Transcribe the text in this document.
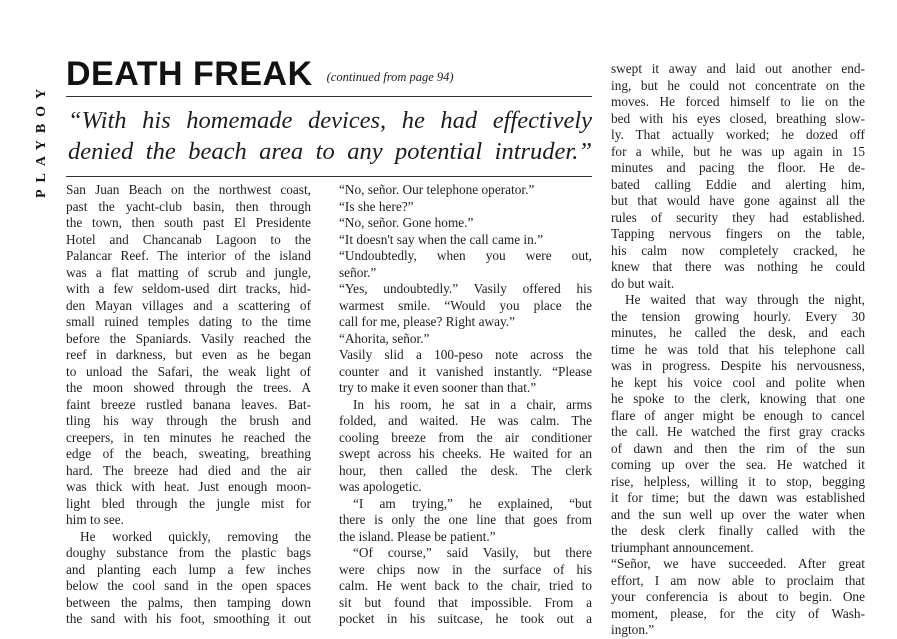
PLAYBOY
DEATH FREAK $^{(continued from page 94)}$
“With his homemade devices, he had effectively denied the beach area to any potential intruder.”
San Juan Beach on the northwest coast,
past the yacht-club basin, then through
the town, then south past El Presidente
Hotel and Chancanab Lagoon to the
Palancar Reef. The interior of the island
was a flat matting of scrub and jungle,
with a few seldom-used dirt tracks, hid-
den Mayan villages and a scattering of
small ruined temples dating to the time
before the Spaniards. Vasily reached the
reef in darkness, but even as he began
to unload the Safari, the weak light of
the moon showed through the trees. A
faint breeze rustled banana leaves. Bat-
tling his way through the brush and
creepers, in ten minutes he reached the
edge of the beach, sweating, breathing
hard. The breeze had died and the air
was thick with heat. Just enough moon-
light bled through the jungle mist for
him to see.
He worked quickly, removing the
doughy substance from the plastic bags
and planting each lump a few inches
below the cool sand in the open spaces
between the palms, then tamping down
the sand with his foot, smoothing it out
“No, señor. Our telephone operator.”
“Is she here?”
“No, señor. Gone home.”
“It doesn't say when the call came in.”
“Undoubtedly, when you were out,
señor.”
“Yes, undoubtedly.” Vasily offered his
warmest smile. “Would you place the
call for me, please? Right away.”
“Ahorita, señor.”
Vasily slid a 100-peso note across the
counter and it vanished instantly. “Please
try to make it even sooner than that.”
In his room, he sat in a chair, arms
folded, and waited. He was calm. The
cooling breeze from the air conditioner
swept across his cheeks. He waited for an
hour, then called the desk. The clerk
was apologetic.
“I am trying,” he explained, “but
there is only the one line that goes from
the island. Please be patient.”
“Of course,” said Vasily, but there
were chips now in the surface of his
calm. He went back to the chair, tried to
sit but found that impossible. From a
pocket in his suitcase, he took out a
swept it away and laid out another end-
ing, but he could not concentrate on the
moves. He forced himself to lie on the
bed with his eyes closed, breathing slow-
ly. That actually worked; he dozed off
for a while, but he was up again in 15
minutes and pacing the floor. He de-
bated calling Eddie and alerting him,
but that would have gone against all the
rules of security they had established.
Tapping nervous fingers on the table,
his calm now completely cracked, he
knew that there was nothing he could
do but wait.
He waited that way through the night,
the tension growing hourly. Every 30
minutes, he called the desk, and each
time he was told that his telephone call
was in progress. Despite his nervousness,
he kept his voice cool and polite when
he spoke to the clerk, knowing that one
flare of anger might be enough to cancel
the call. He watched the first gray cracks
of dawn and then the rim of the sun
coming up over the sea. He watched it
rise, helpless, willing it to stop, begging
it for time; but the dawn was established
and the sun well up over the water when
the desk clerk finally called with the
triumphant announcement.
“Señor, we have succeeded. After great
effort, I am now able to proclaim that
your conferencia is about to begin. One
moment, please, for the city of Wash-
ington.”
